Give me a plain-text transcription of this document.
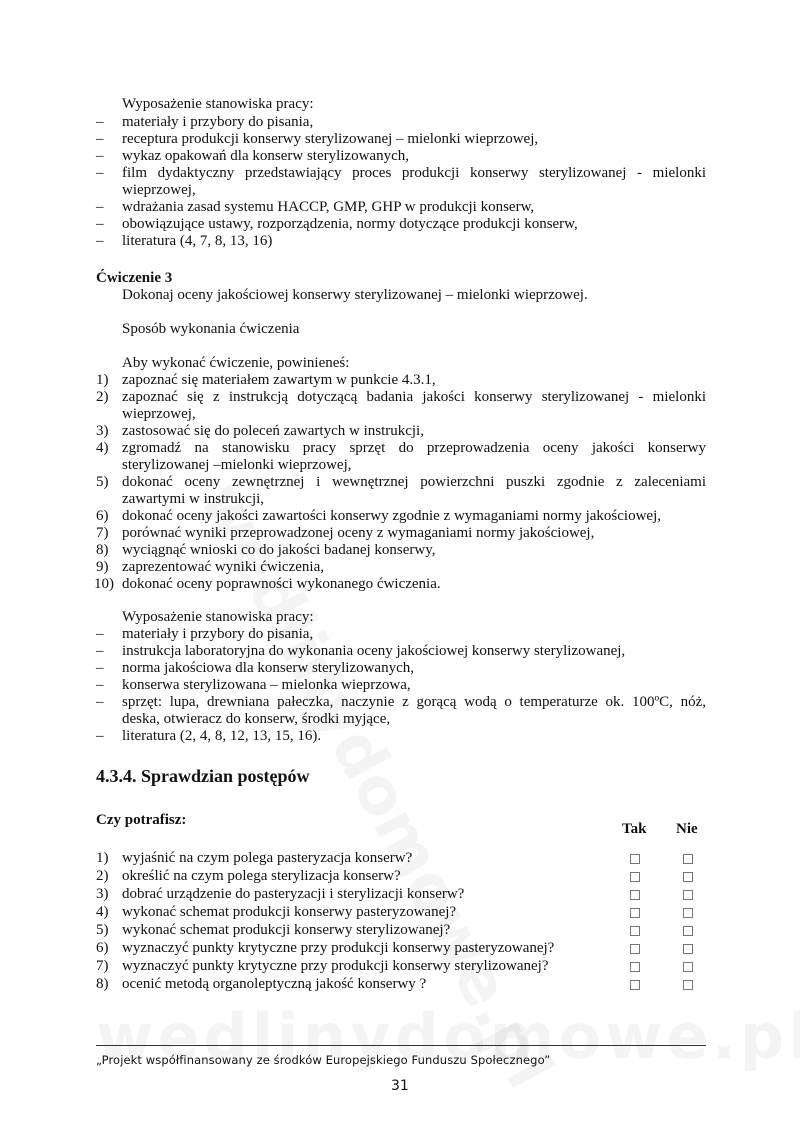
Wyposażenie stanowiska pracy:
Ćwiczenie 3
Dokonaj oceny jakościowej konserwy sterylizowanej – mielonki wieprzowej.
Sposób wykonania ćwiczenia
Aby wykonać ćwiczenie, powinieneś:
Wyposażenie stanowiska pracy:
4.3.4. Sprawdzian postępów
Czy potrafisz:
Tak Nie
„Projekt współfinansowany ze środków Europejskiego Funduszu Społecznego”
31
– materiały i przybory do pisania,
– receptura produkcji konserwy sterylizowanej – mielonki wieprzowej,
– wykaz opakowań dla konserw sterylizowanych,
– film dydaktyczny przedstawiający proces produkcji konserwy sterylizowanej - mielonki
wieprzowej,
– wdrażania zasad systemu HACCP, GMP, GHP w produkcji konserw,
– obowiązujące ustawy, rozporządzenia, normy dotyczące produkcji konserw,
– literatura (4, 7, 8, 13, 16)
1) zapoznać się materiałem zawartym w punkcie 4.3.1,
2) zapoznać się z instrukcją dotyczącą badania jakości konserwy sterylizowanej - mielonki
wieprzowej,
3) zastosować się do poleceń zawartych w instrukcji,
4) zgromadź na stanowisku pracy sprzęt do przeprowadzenia oceny jakości konserwy
sterylizowanej –mielonki wieprzowej,
5) dokonać oceny zewnętrznej i wewnętrznej powierzchni puszki zgodnie z zaleceniami
zawartymi w instrukcji,
6) dokonać oceny jakości zawartości konserwy zgodnie z wymaganiami normy jakościowej,
7) porównać wyniki przeprowadzonej oceny z wymaganiami normy jakościowej,
8) wyciągnąć wnioski co do jakości badanej konserwy,
9) zaprezentować wyniki ćwiczenia,
10) dokonać oceny poprawności wykonanego ćwiczenia.
– materiały i przybory do pisania,
– instrukcja laboratoryjna do wykonania oceny jakościowej konserwy sterylizowanej,
– norma jakościowa dla konserw sterylizowanych,
– konserwa sterylizowana – mielonka wieprzowa,
– sprzęt: lupa, drewniana pałeczka, naczynie z gorącą wodą o temperaturze ok. 100ºC, nóż,
deska, otwieracz do konserw, środki myjące,
– literatura (2, 4, 8, 12, 13, 15, 16).
1) wyjaśnić na czym polega pasteryzacja konserw?
2) określić na czym polega sterylizacja konserw?
3) dobrać urządzenie do pasteryzacji i sterylizacji konserw?
4) wykonać schemat produkcji konserwy pasteryzowanej?
5) wykonać schemat produkcji konserwy sterylizowanej?
6) wyznaczyć punkty krytyczne przy produkcji konserwy pasteryzowanej?
7) wyznaczyć punkty krytyczne przy produkcji konserwy sterylizowanej?
8) ocenić metodą organoleptyczną jakość konserwy ?
